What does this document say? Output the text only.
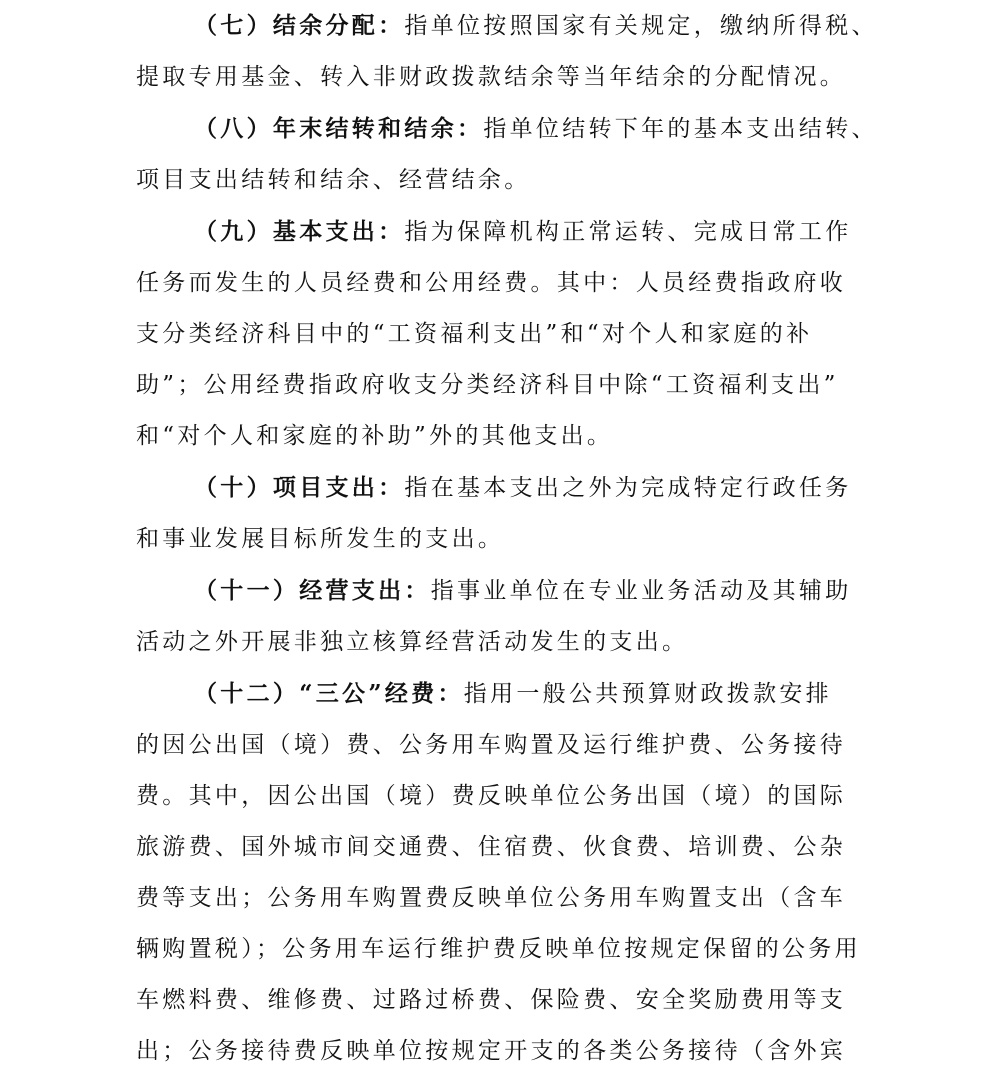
（七）结余分配：指单位按照国家有关规定，缴纳所得税、
提取专用基金、转入非财政拨款结余等当年结余的分配情况。

（八）年末结转和结余：指单位结转下年的基本支出结转、
项目支出结转和结余、经营结余。

（九）基本支出：指为保障机构正常运转、完成日常工作
任务而发生的人员经费和公用经费。其中：人员经费指政府收
支分类经济科目中的“工资福利支出”和“对个人和家庭的补
助”；公用经费指政府收支分类经济科目中除“工资福利支出”
和“对个人和家庭的补助”外的其他支出。

（十）项目支出：指在基本支出之外为完成特定行政任务
和事业发展目标所发生的支出。

（十一）经营支出：指事业单位在专业业务活动及其辅助
活动之外开展非独立核算经营活动发生的支出。

（十二）“三公”经费：指用一般公共预算财政拨款安排
的因公出国（境）费、公务用车购置及运行维护费、公务接待
费。其中，因公出国（境）费反映单位公务出国（境）的国际
旅游费、国外城市间交通费、住宿费、伙食费、培训费、公杂
费等支出；公务用车购置费反映单位公务用车购置支出（含车
辆购置税）；公务用车运行维护费反映单位按规定保留的公务用
车燃料费、维修费、过路过桥费、保险费、安全奖励费用等支
出；公务接待费反映单位按规定开支的各类公务接待（含外宾
